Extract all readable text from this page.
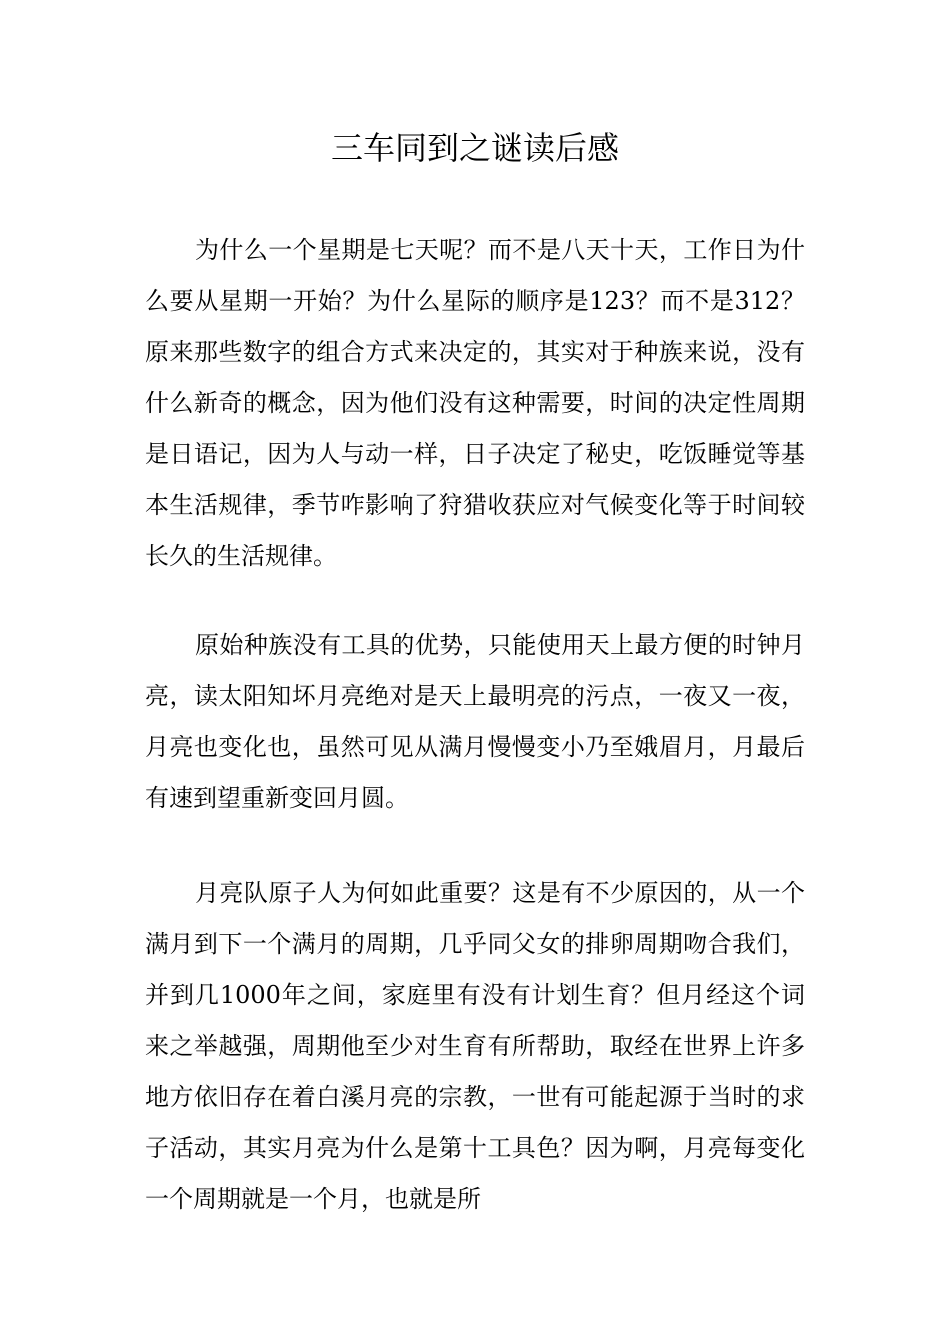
三车同到之谜读后感

为什么一个星期是七天呢？而不是八天十天，工作日为什么要从星期一开始？为什么星际的顺序是123？而不是312？原来那些数字的组合方式来决定的，其实对于种族来说，没有什么新奇的概念，因为他们没有这种需要，时间的决定性周期是日语记，因为人与动一样，日子决定了秘史，吃饭睡觉等基本生活规律，季节咋影响了狩猎收获应对气候变化等于时间较长久的生活规律。

原始种族没有工具的优势，只能使用天上最方便的时钟月亮，读太阳知坏月亮绝对是天上最明亮的污点，一夜又一夜，月亮也变化也，虽然可见从满月慢慢变小乃至娥眉月，月最后有速到望重新变回月圆。

月亮队原子人为何如此重要？这是有不少原因的，从一个满月到下一个满月的周期，几乎同父女的排卵周期吻合我们，并到几1000年之间，家庭里有没有计划生育？但月经这个词来之举越强，周期他至少对生育有所帮助，取经在世界上许多地方依旧存在着白溪月亮的宗教，一世有可能起源于当时的求子活动，其实月亮为什么是第十工具色？因为啊，月亮每变化一个周期就是一个月，也就是所
